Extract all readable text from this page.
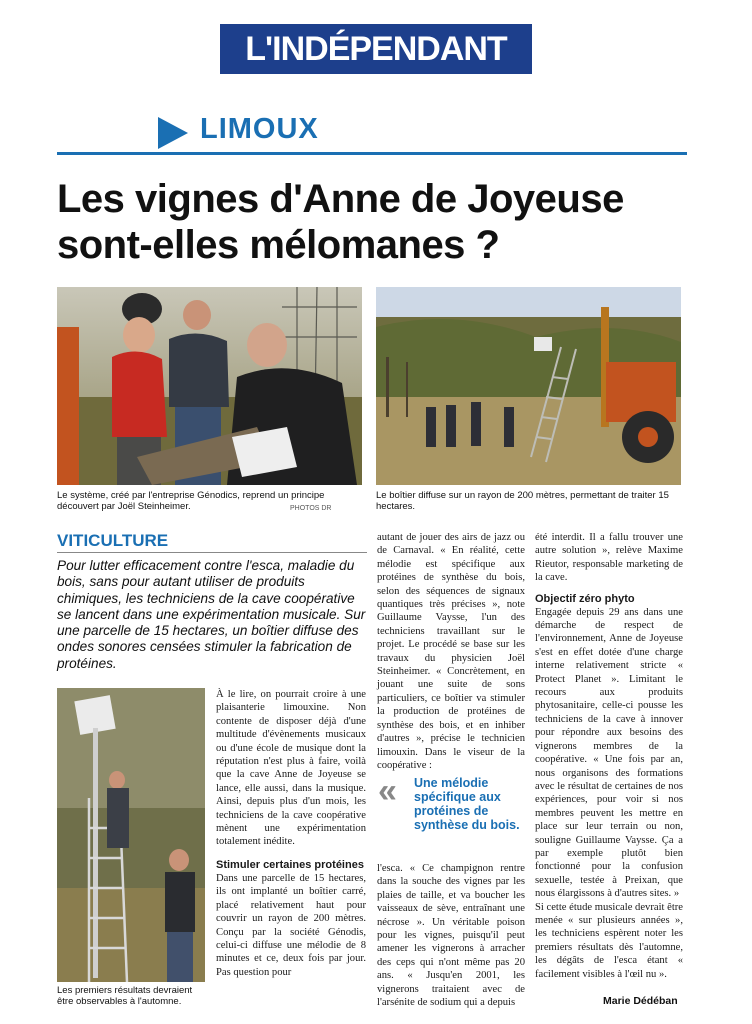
L'INDÉPENDANT
LIMOUX
Les vignes d'Anne de Joyeuse
sont-elles mélomanes ?
Le système, créé par l'entreprise Génodics, reprend un principe découvert par Joël Steinheimer.	PHOTOS DR
Le boîtier diffuse sur un rayon de 200 mètres, permettant de traiter 15 hectares.
VITICULTURE
Pour lutter efficacement contre l'esca, maladie du bois, sans pour autant utiliser de produits chimiques, les techniciens de la cave coopérative se lancent dans une expérimentation musicale. Sur une parcelle de 15 hectares, un boîtier diffuse des ondes sonores censées stimuler la fabrication de protéines.
Les premiers résultats devraient être observables à l'automne.

À le lire, on pourrait croire à une plaisanterie limouxine. Non contente de disposer déjà d'une multitude d'évènements musicaux ou d'une école de musique dont la réputation n'est plus à faire, voilà que la cave Anne de Joyeuse se lance, elle aussi, dans la musique. Ainsi, depuis plus d'un mois, les techniciens de la cave coopérative mènent une expérimentation totalement inédite.

Stimuler certaines protéines

Dans une parcelle de 15 hectares, ils ont implanté un boîtier carré, placé relativement haut pour couvrir un rayon de 200 mètres. Conçu par la société Génodis, celui-ci diffuse une mélodie de 8 minutes et ce, deux fois par jour. Pas question pour

autant de jouer des airs de jazz ou de Carnaval. « En réalité, cette mélodie est spécifique aux protéines de synthèse du bois, selon des séquences de signaux quantiques très précises », note Guillaume Vaysse, l'un des techniciens travaillant sur le projet. Le procédé se base sur les travaux du physicien Joël Steinheimer. « Concrètement, en jouant une suite de sons particuliers, ce boîtier va stimuler la production de protéines de synthèse des bois, et en inhiber d'autres », précise le technicien limouxin. Dans le viseur de la coopérative :

« Une mélodie spécifique aux protéines de synthèse du bois.

l'esca. « Ce champignon rentre dans la souche des vignes par les plaies de taille, et va boucher les vaisseaux de sève, entraînant une nécrose ». Un véritable poison pour les vignes, puisqu'il peut amener les vignerons à arracher des ceps qui n'ont même pas 20 ans. « Jusqu'en 2001, les vignerons traitaient avec de l'arsénite de sodium qui a depuis

été interdit. Il a fallu trouver une autre solution », relève Maxime Rieutor, responsable marketing de la cave.

Objectif zéro phyto

Engagée depuis 29 ans dans une démarche de respect de l'environnement, Anne de Joyeuse s'est en effet dotée d'une charge interne relativement stricte « Protect Planet ». Limitant le recours aux produits phytosanitaire, celle-ci pousse les techniciens de la cave à innover pour répondre aux besoins des vignerons membres de la coopérative. « Une fois par an, nous organisons des formations avec le résultat de certaines de nos expériences, pour voir si nos membres peuvent les mettre en place sur leur terrain ou non, souligne Guillaume Vaysse. Ça a par exemple plutôt bien fonctionné pour la confusion sexuelle, testée à Preixan, que nous élargissons à d'autres sites. »

Si cette étude musicale devrait être menée « sur plusieurs années », les techniciens espèrent noter les premiers résultats dès l'automne, les dégâts de l'esca étant « facilement visibles à l'œil nu ».

Marie Dédéban
